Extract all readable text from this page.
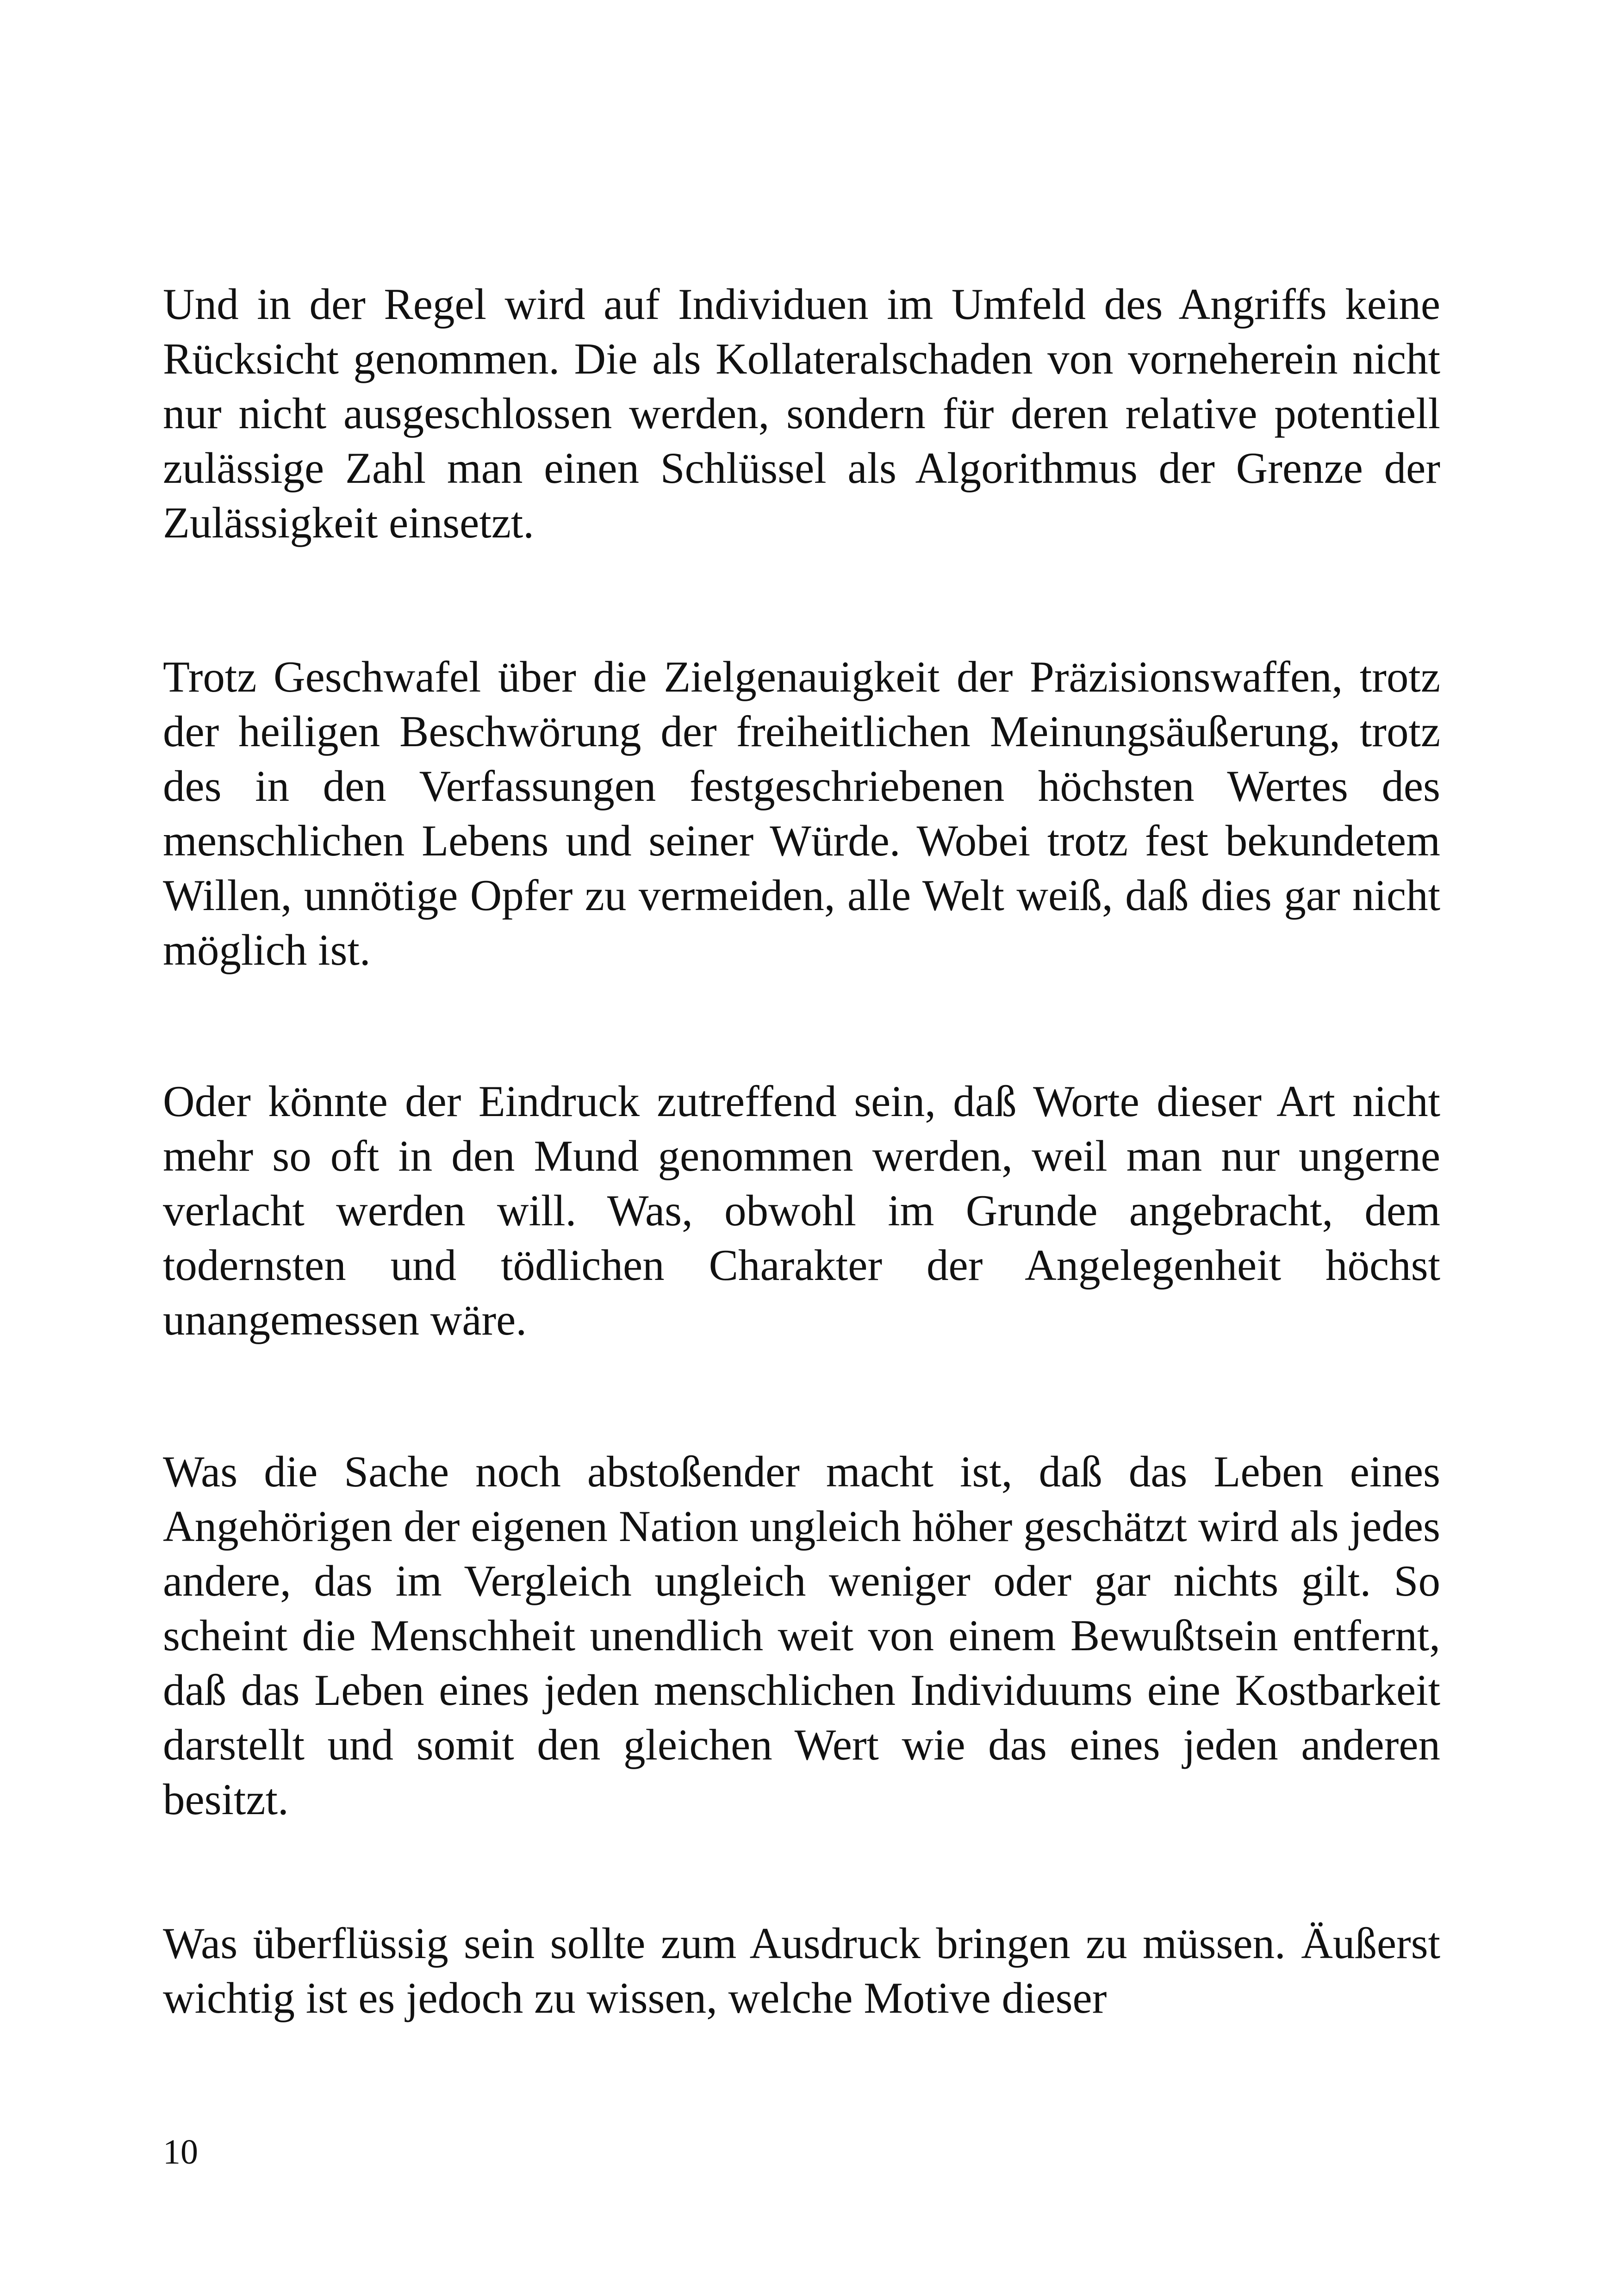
Und in der Regel wird auf Individuen im Umfeld des Angriffs keine Rücksicht genommen. Die als Kollateralschaden von vorneherein nicht nur nicht ausgeschlossen werden, sondern für deren relative potentiell zulässige Zahl man einen Schlüssel als Algorithmus der Grenze der Zulässigkeit einsetzt.

Trotz Geschwafel über die Zielgenauigkeit der Präzisionswaffen, trotz der heiligen Beschwörung der freiheitlichen Meinungsäußerung, trotz des in den Verfassungen festgeschriebenen höchsten Wertes des menschlichen Lebens und seiner Würde. Wobei trotz fest bekundetem Willen, unnötige Opfer zu vermeiden, alle Welt weiß, daß dies gar nicht möglich ist.

Oder könnte der Eindruck zutreffend sein, daß Worte dieser Art nicht mehr so oft in den Mund genommen werden, weil man nur ungerne verlacht werden will. Was, obwohl im Grunde angebracht, dem todernsten und tödlichen Charakter der Angelegenheit höchst unangemessen wäre.

Was die Sache noch abstoßender macht ist, daß das Leben eines Angehörigen der eigenen Nation ungleich höher geschätzt wird als jedes andere, das im Vergleich ungleich weniger oder gar nichts gilt. So scheint die Menschheit unendlich weit von einem Bewußtsein entfernt, daß das Leben eines jeden menschlichen Individuums eine Kostbarkeit darstellt und somit den gleichen Wert wie das eines jeden anderen besitzt.

Was überflüssig sein sollte zum Ausdruck bringen zu müssen. Äußerst wichtig ist es jedoch zu wissen, welche Motive dieser

10
